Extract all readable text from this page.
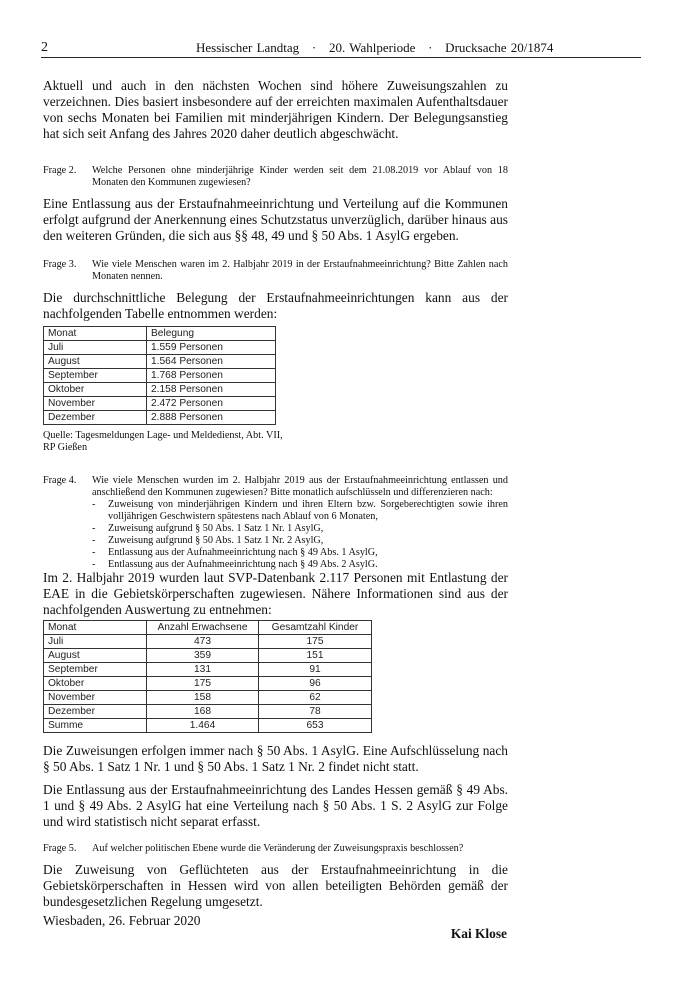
2	Hessischer Landtag   ·   20. Wahlperiode   ·   Drucksache 20/1874
Aktuell und auch in den nächsten Wochen sind höhere Zuweisungszahlen zu verzeichnen. Dies basiert insbesondere auf der erreichten maximalen Aufenthaltsdauer von sechs Monaten bei Familien mit minderjährigen Kindern. Der Belegungsanstieg hat sich seit Anfang des Jahres 2020 daher deutlich abgeschwächt.
Frage 2. Welche Personen ohne minderjährige Kinder werden seit dem 21.08.2019 vor Ablauf von 18 Monaten den Kommunen zugewiesen?
Eine Entlassung aus der Erstaufnahmeeinrichtung und Verteilung auf die Kommunen erfolgt aufgrund der Anerkennung eines Schutzstatus unverzüglich, darüber hinaus aus den weiteren Gründen, die sich aus §§ 48, 49 und § 50 Abs. 1 AsylG ergeben.
Frage 3. Wie viele Menschen waren im 2. Halbjahr 2019 in der Erstaufnahmeeinrichtung? Bitte Zahlen nach Monaten nennen.
Die durchschnittliche Belegung der Erstaufnahmeeinrichtungen kann aus der nachfolgenden Tabelle entnommen werden:
Monat	Belegung
Juli	1.559 Personen
August	1.564 Personen
September	1.768 Personen
Oktober	2.158 Personen
November	2.472 Personen
Dezember	2.888 Personen
Quelle: Tagesmeldungen Lage- und Meldedienst, Abt. VII,
RP Gießen
Frage 4. Wie viele Menschen wurden im 2. Halbjahr 2019 aus der Erstaufnahmeeinrichtung entlassen und anschließend den Kommunen zugewiesen? Bitte monatlich aufschlüsseln und differenzieren nach:
- Zuweisung von minderjährigen Kindern und ihren Eltern bzw. Sorgeberechtigten sowie ihren volljährigen Geschwistern spätestens nach Ablauf von 6 Monaten,
- Zuweisung aufgrund § 50 Abs. 1 Satz 1 Nr. 1 AsylG,
- Zuweisung aufgrund § 50 Abs. 1 Satz 1 Nr. 2 AsylG,
- Entlassung aus der Aufnahmeeinrichtung nach § 49 Abs. 1 AsylG,
- Entlassung aus der Aufnahmeeinrichtung nach § 49 Abs. 2 AsylG.
Im 2. Halbjahr 2019 wurden laut SVP-Datenbank 2.117 Personen mit Entlastung der EAE in die Gebietskörperschaften zugewiesen. Nähere Informationen sind aus der nachfolgenden Auswertung zu entnehmen:
Monat	Anzahl Erwachsene	Gesamtzahl Kinder
Juli	473	175
August	359	151
September	131	91
Oktober	175	96
November	158	62
Dezember	168	78
Summe	1.464	653
Die Zuweisungen erfolgen immer nach § 50 Abs. 1 AsylG. Eine Aufschlüsselung nach § 50 Abs. 1 Satz 1 Nr. 1 und § 50 Abs. 1 Satz 1 Nr. 2 findet nicht statt.
Die Entlassung aus der Erstaufnahmeeinrichtung des Landes Hessen gemäß § 49 Abs. 1 und § 49 Abs. 2 AsylG hat eine Verteilung nach § 50 Abs. 1 S. 2 AsylG zur Folge und wird statistisch nicht separat erfasst.
Frage 5. Auf welcher politischen Ebene wurde die Veränderung der Zuweisungspraxis beschlossen?
Die Zuweisung von Geflüchteten aus der Erstaufnahmeeinrichtung in die Gebietskörperschaften in Hessen wird von allen beteiligten Behörden gemäß der bundesgesetzlichen Regelung umgesetzt.
Wiesbaden, 26. Februar 2020
Kai Klose
